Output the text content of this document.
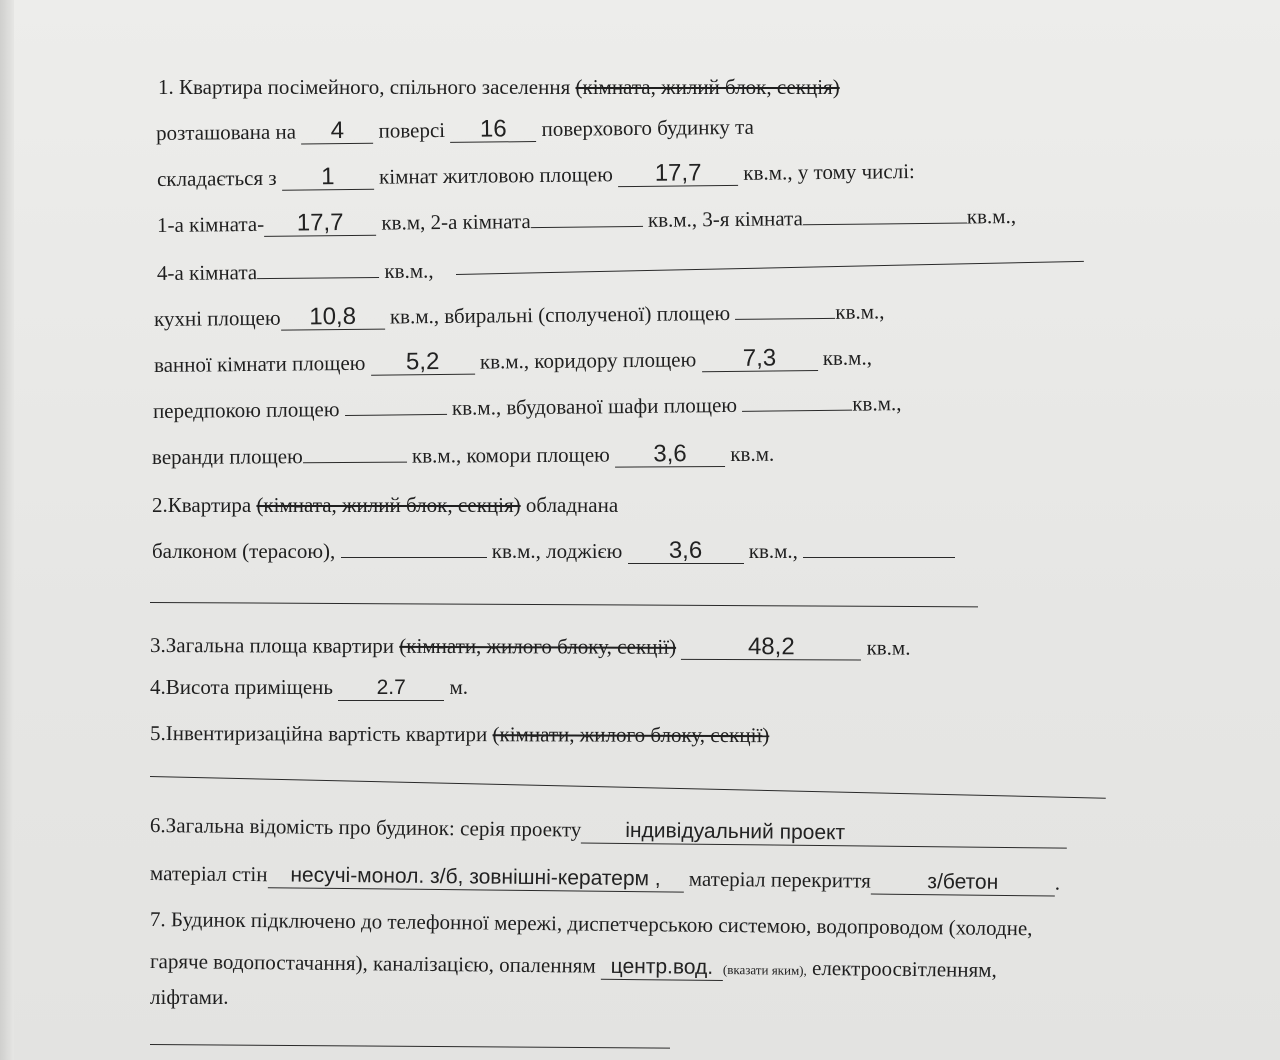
1. Квартира посімейного, спільного заселення (кімната, жилий блок, секція)
розташована на 4 поверсі 16 поверхового будинку та
складається з 1 кімнат житловою площею 17,7 кв.м., у тому числі:
1-а кімната- 17,7 кв.м, 2-а кімната	кв.м., 3-я кімната	кв.м.,
4-а кімната	кв.м.,
кухні площею 10,8 кв.м., вбиральні (сполученої) площею	кв.м.,
ванної кімнати площею 5,2 кв.м., коридору площею 7,3 кв.м.,
передпокою площею	кв.м., вбудованої шафи площею	кв.м.,
веранди площею	кв.м., комори площею 3,6 кв.м.
2.Квартира (кімната, жилий блок, секція) обладнана
балконом (терасою),	кв.м., лоджією 3,6 кв.м.,
3.Загальна площа квартири (кімнати, жилого блоку, секції)	48,2	кв.м.
4.Висота приміщень 2.7 м.
5.Інвентиризаційна вартість квартири (кімнати, жилого блоку, секції)
6.Загальна відомість про будинок: серія проекту індивідуальний проект
матеріал стін несучі-монол. з/б, зовнішні-кератерм , матеріал перекриття	з/бетон	.
7. Будинок підключено до телефонної мережі, диспетчерською системою, водопроводом (холодне,
гаряче водопостачання), каналізацією, опаленням центр.вод. (вказати яким), електроосвітленням,
ліфтами.
